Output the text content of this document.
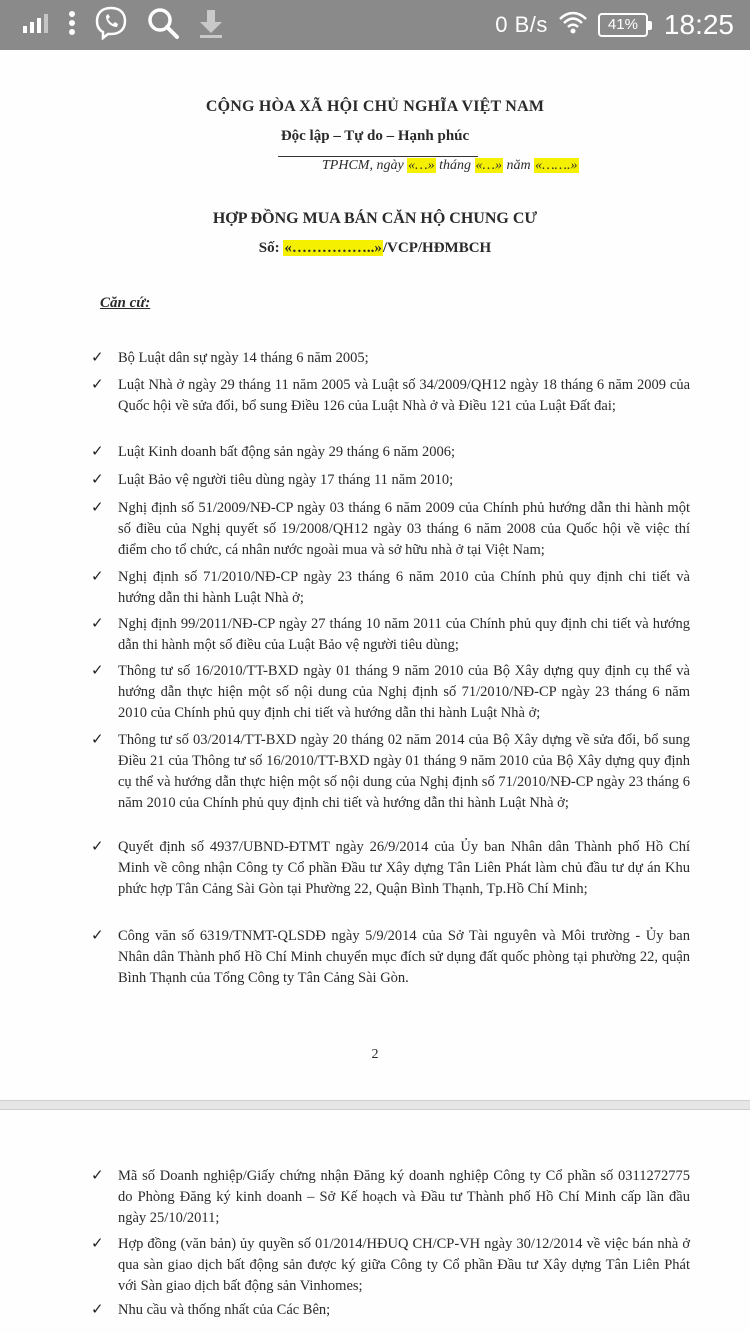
0 B/s	41% 18:25
CỘNG HÒA XÃ HỘI CHỦ NGHĨA VIỆT NAM
Độc lập – Tự do – Hạnh phúc
TPHCM, ngày «…» tháng «…» năm «…….»
HỢP ĐỒNG MUA BÁN CĂN HỘ CHUNG CƯ
Số: «……………..»/VCP/HĐMBCH
Căn cứ:
✓ Bộ Luật dân sự ngày 14 tháng 6 năm 2005;
✓ Luật Nhà ở ngày 29 tháng 11 năm 2005 và Luật số 34/2009/QH12 ngày 18 tháng 6 năm 2009 của Quốc hội về sửa đổi, bổ sung Điều 126 của Luật Nhà ở và Điều 121 của Luật Đất đai;
✓ Luật Kinh doanh bất động sản ngày 29 tháng 6 năm 2006;
✓ Luật Bảo vệ người tiêu dùng ngày 17 tháng 11 năm 2010;
✓ Nghị định số 51/2009/NĐ-CP ngày 03 tháng 6 năm 2009 của Chính phủ hướng dẫn thi hành một số điều của Nghị quyết số 19/2008/QH12 ngày 03 tháng 6 năm 2008 của Quốc hội về việc thí điểm cho tổ chức, cá nhân nước ngoài mua và sở hữu nhà ở tại Việt Nam;
✓ Nghị định số 71/2010/NĐ-CP ngày 23 tháng 6 năm 2010 của Chính phủ quy định chi tiết và hướng dẫn thi hành Luật Nhà ở;
✓ Nghị định 99/2011/NĐ-CP ngày 27 tháng 10 năm 2011 của Chính phủ quy định chi tiết và hướng dẫn thi hành một số điều của Luật Bảo vệ người tiêu dùng;
✓ Thông tư số 16/2010/TT-BXD ngày 01 tháng 9 năm 2010 của Bộ Xây dựng quy định cụ thể và hướng dẫn thực hiện một số nội dung của Nghị định số 71/2010/NĐ-CP ngày 23 tháng 6 năm 2010 của Chính phủ quy định chi tiết và hướng dẫn thi hành Luật Nhà ở;
✓ Thông tư số 03/2014/TT-BXD ngày 20 tháng 02 năm 2014 của Bộ Xây dựng về sửa đổi, bổ sung Điều 21 của Thông tư số 16/2010/TT-BXD ngày 01 tháng 9 năm 2010 của Bộ Xây dựng quy định cụ thể và hướng dẫn thực hiện một số nội dung của Nghị định số 71/2010/NĐ-CP ngày 23 tháng 6 năm 2010 của Chính phủ quy định chi tiết và hướng dẫn thi hành Luật Nhà ở;
✓ Quyết định số 4937/UBND-ĐTMT ngày 26/9/2014 của Ủy ban Nhân dân Thành phố Hồ Chí Minh về công nhận Công ty Cổ phần Đầu tư Xây dựng Tân Liên Phát làm chủ đầu tư dự án Khu phức hợp Tân Cảng Sài Gòn tại Phường 22, Quận Bình Thạnh, Tp.Hồ Chí Minh;
✓ Công văn số 6319/TNMT-QLSDĐ ngày 5/9/2014 của Sở Tài nguyên và Môi trường - Ủy ban Nhân dân Thành phố Hồ Chí Minh chuyển mục đích sử dụng đất quốc phòng tại phường 22, quận Bình Thạnh của Tổng Công ty Tân Cảng Sài Gòn.
2
✓ Mã số Doanh nghiệp/Giấy chứng nhận Đăng ký doanh nghiệp Công ty Cổ phần số 0311272775 do Phòng Đăng ký kinh doanh – Sở Kế hoạch và Đầu tư Thành phố Hồ Chí Minh cấp lần đầu ngày 25/10/2011;
✓ Hợp đồng (văn bản) ủy quyền số 01/2014/HĐUQ CH/CP-VH ngày 30/12/2014 về việc bán nhà ở qua sàn giao dịch bất động sản được ký giữa Công ty Cổ phần Đầu tư Xây dựng Tân Liên Phát với Sàn giao dịch bất động sản Vinhomes;
✓ Nhu cầu và thống nhất của Các Bên;
